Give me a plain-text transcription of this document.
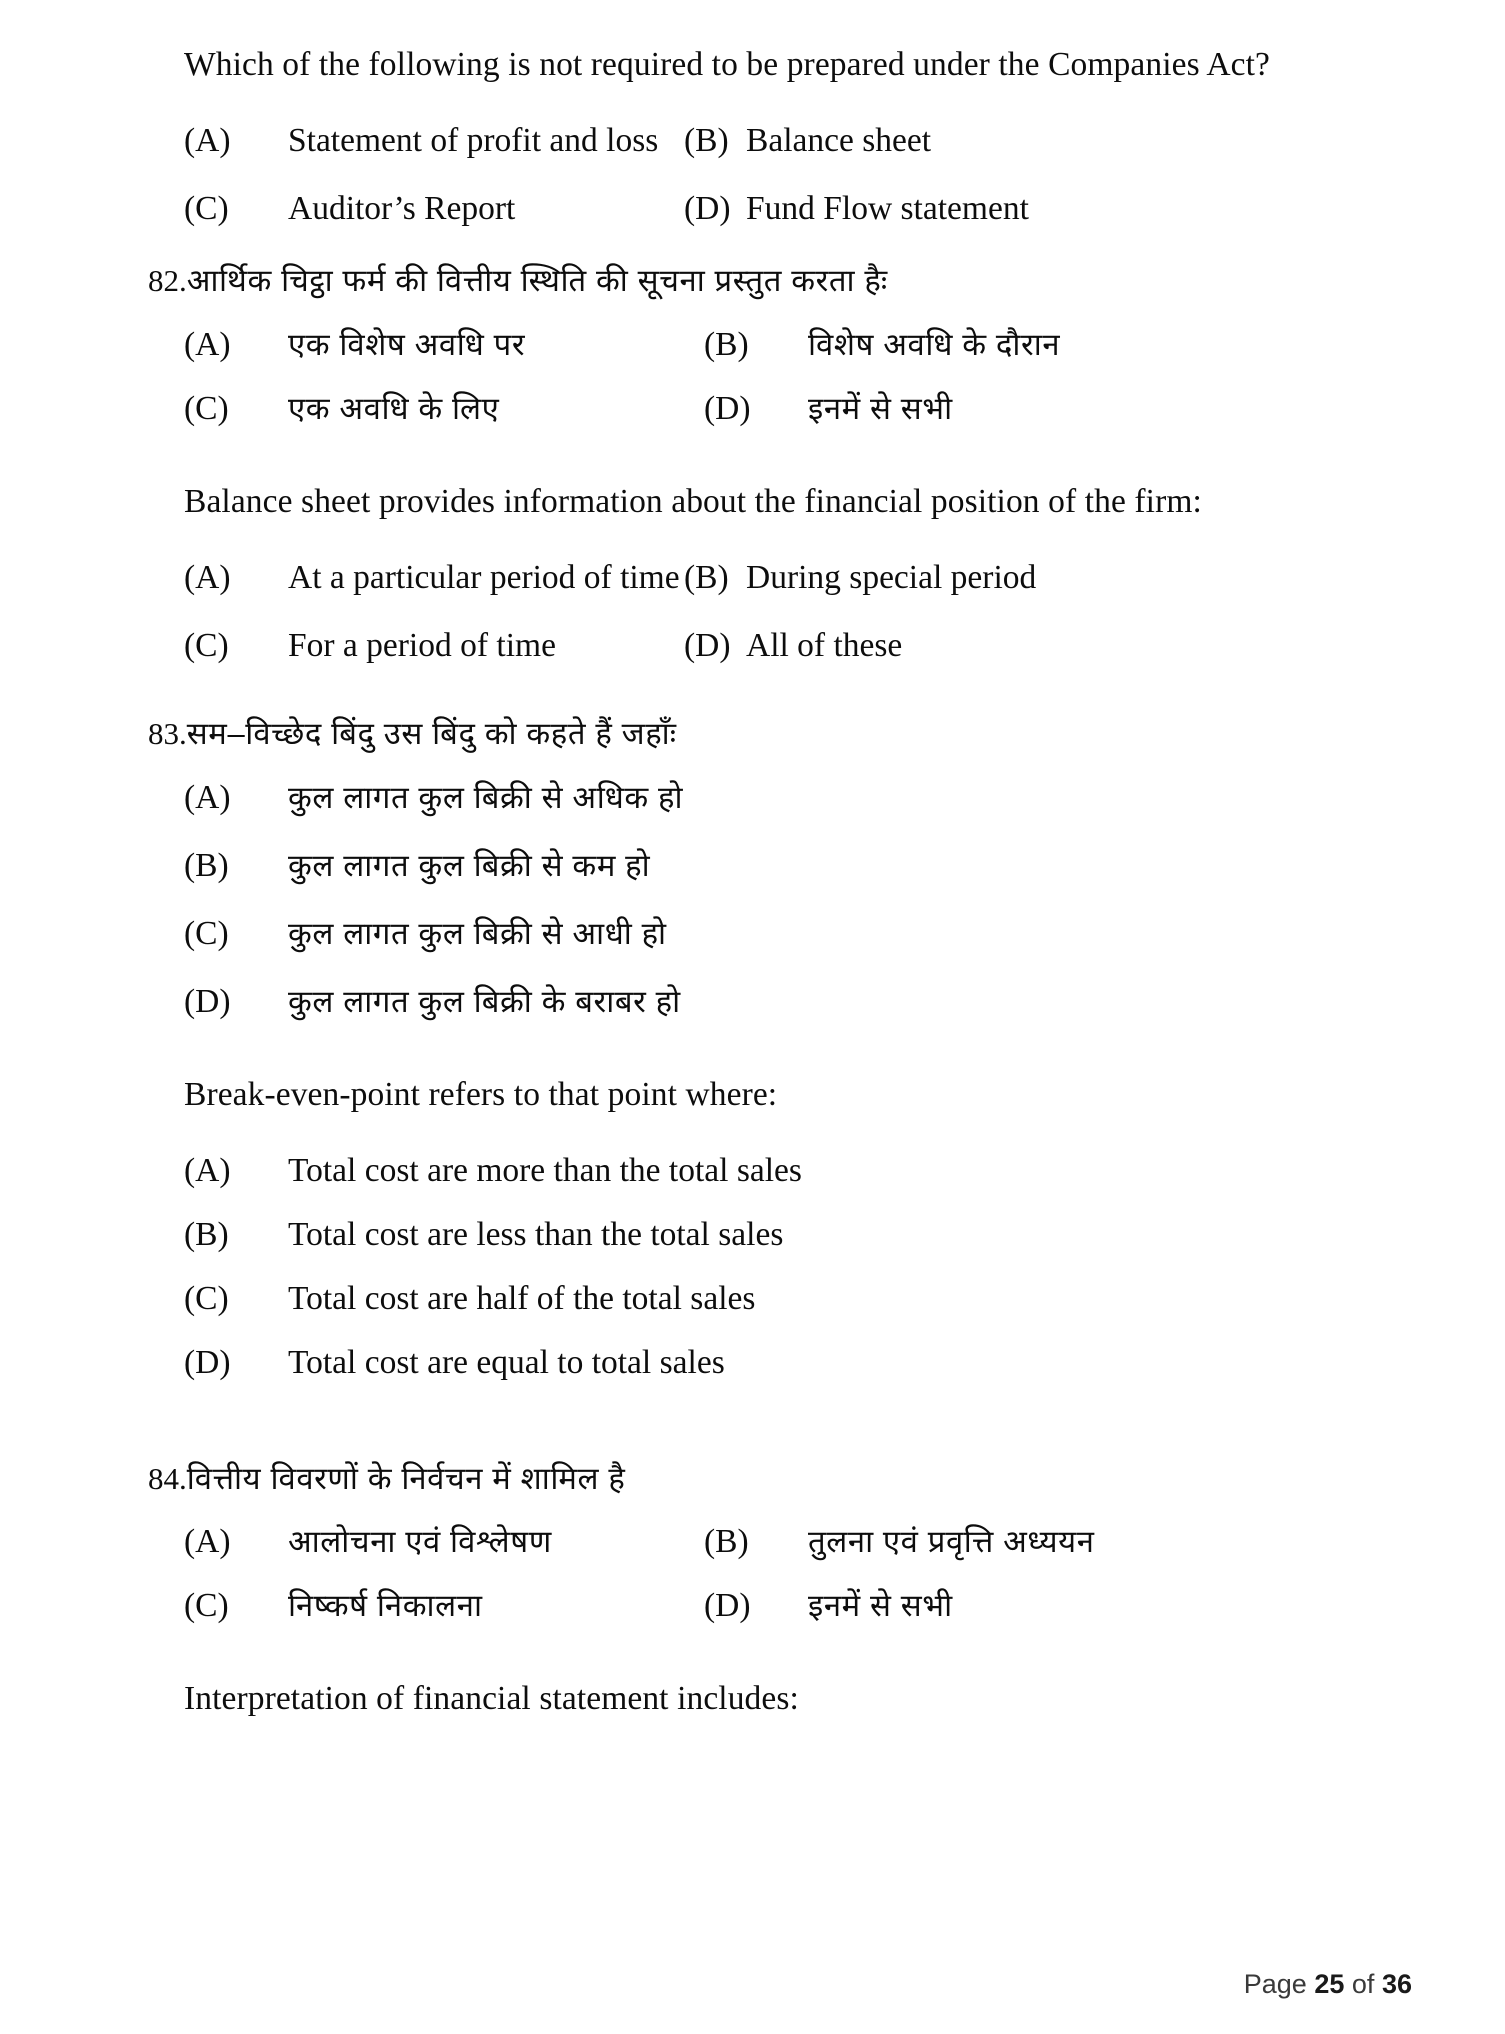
Which of the following is not required to be prepared under the Companies Act?
(A)	Statement of profit and loss (B) Balance sheet
(C)	Auditor’s Report	(D) Fund Flow statement
82.आर्थिक चिट्ठा फर्म की वित्तीय स्थिति की सूचना प्रस्तुत करता हैः
(A)	एक विशेष अवधि पर	(B)	विशेष अवधि के दौरान
(C)	एक अवधि के लिए	(D)	इनमें से सभी
Balance sheet provides information about the financial position of the firm:
(A)	At a particular period of time (B) During special period
(C)	For a period of time	(D) All of these
83.सम–विच्छेद बिंदु उस बिंदु को कहते हैं जहाँः
(A)	कुल लागत कुल बिक्री से अधिक हो
(B)	कुल लागत कुल बिक्री से कम हो
(C)	कुल लागत कुल बिक्री से आधी हो
(D)	कुल लागत कुल बिक्री के बराबर हो
Break-even-point refers to that point where:
(A)	Total cost are more than the total sales
(B)	Total cost are less than the total sales
(C)	Total cost are half of the total sales
(D)	Total cost are equal to total sales
84.वित्तीय विवरणों के निर्वचन में शामिल है
(A)	आलोचना एवं विश्लेषण	(B)	तुलना एवं प्रवृत्ति अध्ययन
(C)	निष्कर्ष निकालना	(D)	इनमें से सभी
Interpretation of financial statement includes:
Page 25 of 36
